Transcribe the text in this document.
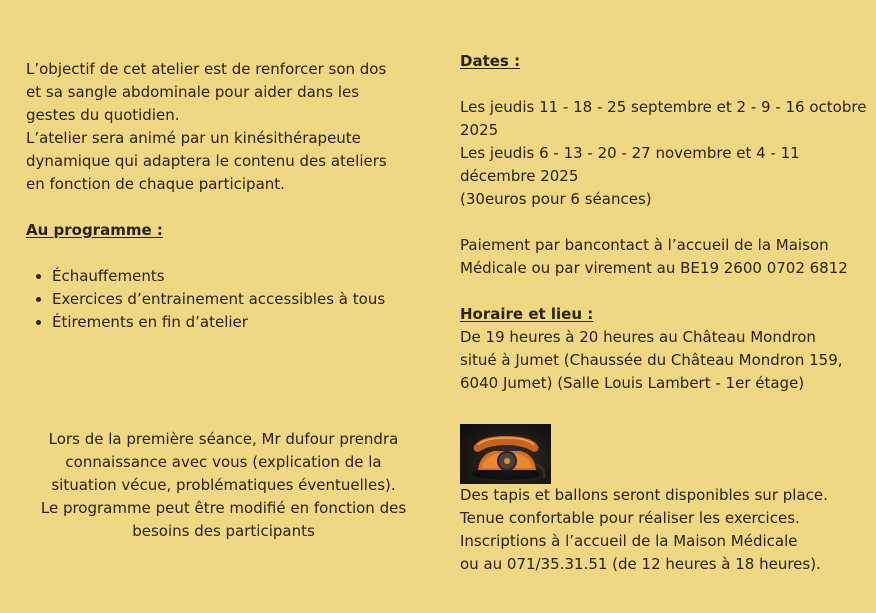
L’objectif de cet atelier est de renforcer son dos

et sa sangle abdominale pour aider dans les

gestes du quotidien.

L’atelier sera animé par un kinésithérapeute

dynamique qui adaptera le contenu des ateliers

en fonction de chaque participant.

Au programme :

• Échauffements
• Exercices d’entrainement accessibles à tous
• Étirements en fin d’atelier

Lors de la première séance, Mr dufour prendra

connaissance avec vous (explication de la

situation vécue, problématiques éventuelles).

Le programme peut être modifié en fonction des

besoins des participants

Dates :

Les jeudis 11 - 18 - 25 septembre et 2 - 9 - 16 octobre

2025

Les jeudis 6 - 13 - 20 - 27 novembre et 4 - 11

décembre 2025

(30euros pour 6 séances)

Paiement par bancontact à l’accueil de la Maison

Médicale ou par virement au BE19 2600 0702 6812

Horaire et lieu :

De 19 heures à 20 heures au Château Mondron

situé à Jumet (Chaussée du Château Mondron 159,

6040 Jumet) (Salle Louis Lambert - 1er étage)

Des tapis et ballons seront disponibles sur place.

Tenue confortable pour réaliser les exercices.

Inscriptions à l’accueil de la Maison Médicale

ou au 071/35.31.51 (de 12 heures à 18 heures).
